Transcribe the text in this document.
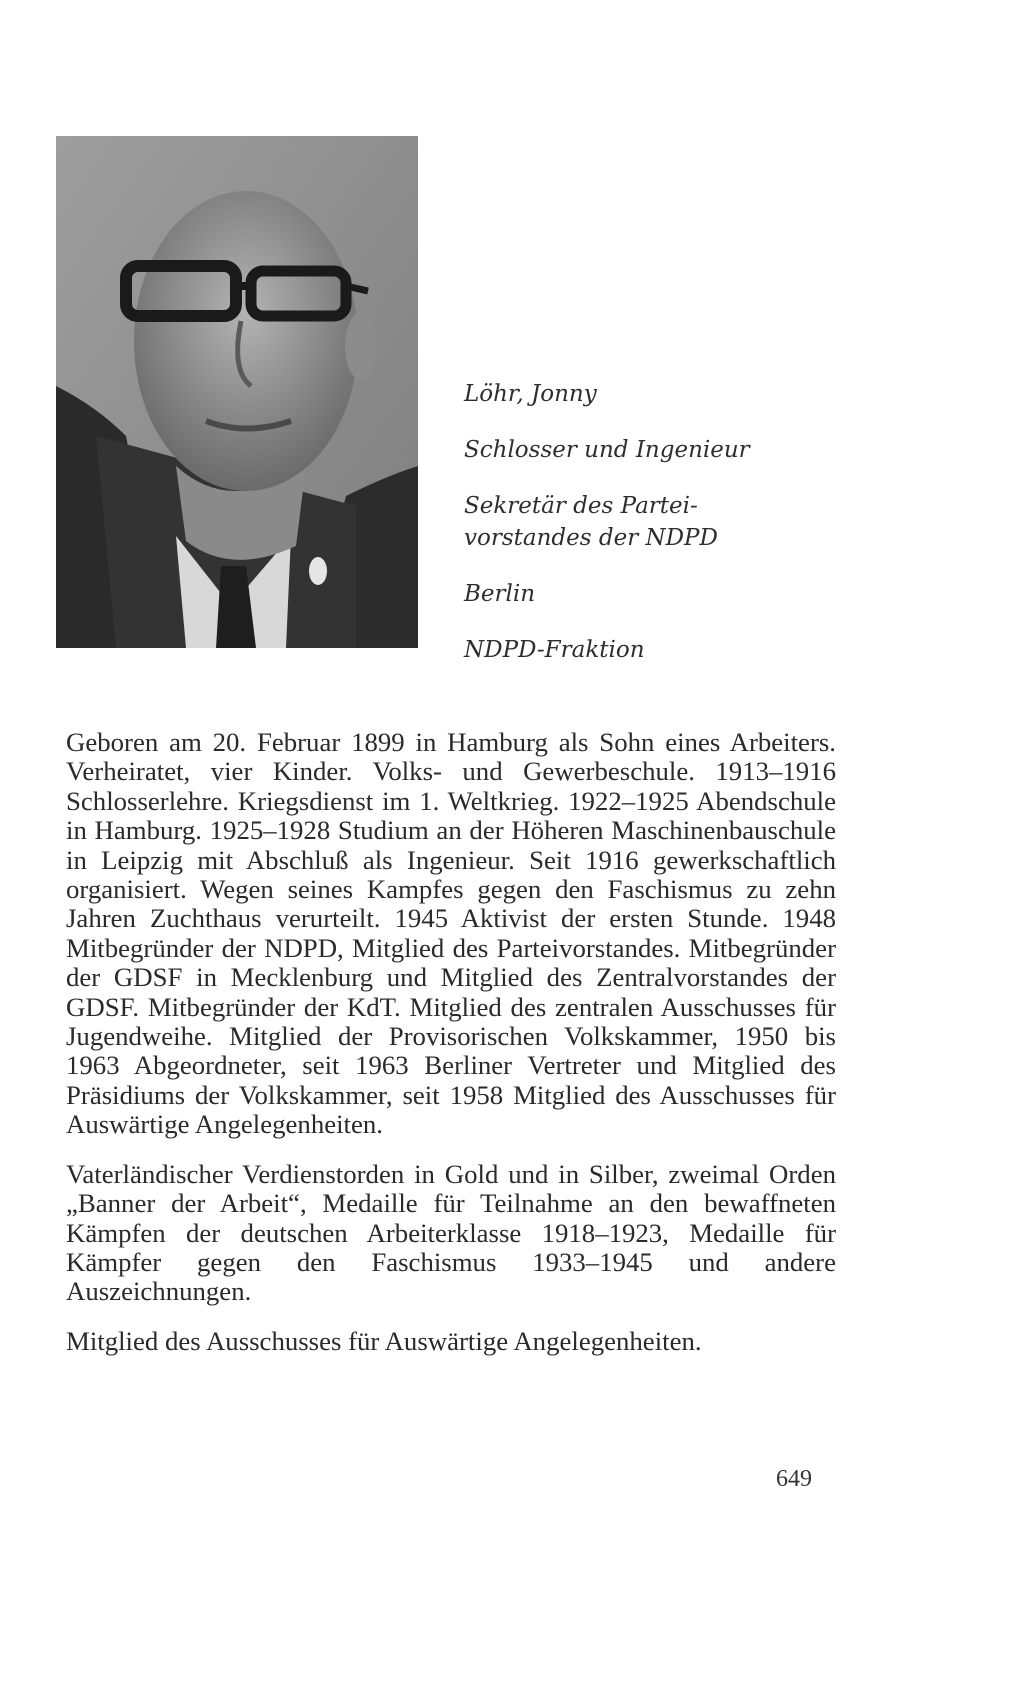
Löhr, Jonny
Schlosser und Ingenieur
Sekretär des Partei-
vorstandes der NDPD
Berlin
NDPD-Fraktion

Geboren am 20. Februar 1899 in Hamburg als Sohn eines Arbeiters. Verheiratet, vier Kinder. Volks- und Gewerbeschule. 1913–1916 Schlosserlehre. Kriegsdienst im 1. Weltkrieg. 1922–1925 Abendschule in Hamburg. 1925–1928 Studium an der Höheren Maschinenbauschule in Leipzig mit Abschluß als Ingenieur. Seit 1916 gewerkschaftlich organisiert. Wegen seines Kampfes gegen den Faschismus zu zehn Jahren Zuchthaus verurteilt. 1945 Aktivist der ersten Stunde. 1948 Mitbegründer der NDPD, Mitglied des Parteivorstandes. Mitbegründer der GDSF in Mecklenburg und Mitglied des Zentralvorstandes der GDSF. Mitbegründer der KdT. Mitglied des zentralen Ausschusses für Jugendweihe. Mitglied der Provisorischen Volkskammer, 1950 bis 1963 Abgeordneter, seit 1963 Berliner Vertreter und Mitglied des Präsidiums der Volkskammer, seit 1958 Mitglied des Ausschusses für Auswärtige Angelegenheiten.

Vaterländischer Verdienstorden in Gold und in Silber, zweimal Orden „Banner der Arbeit“, Medaille für Teilnahme an den bewaffneten Kämpfen der deutschen Arbeiterklasse 1918–1923, Medaille für Kämpfer gegen den Faschismus 1933–1945 und andere Auszeichnungen.

Mitglied des Ausschusses für Auswärtige Angelegenheiten.

649
